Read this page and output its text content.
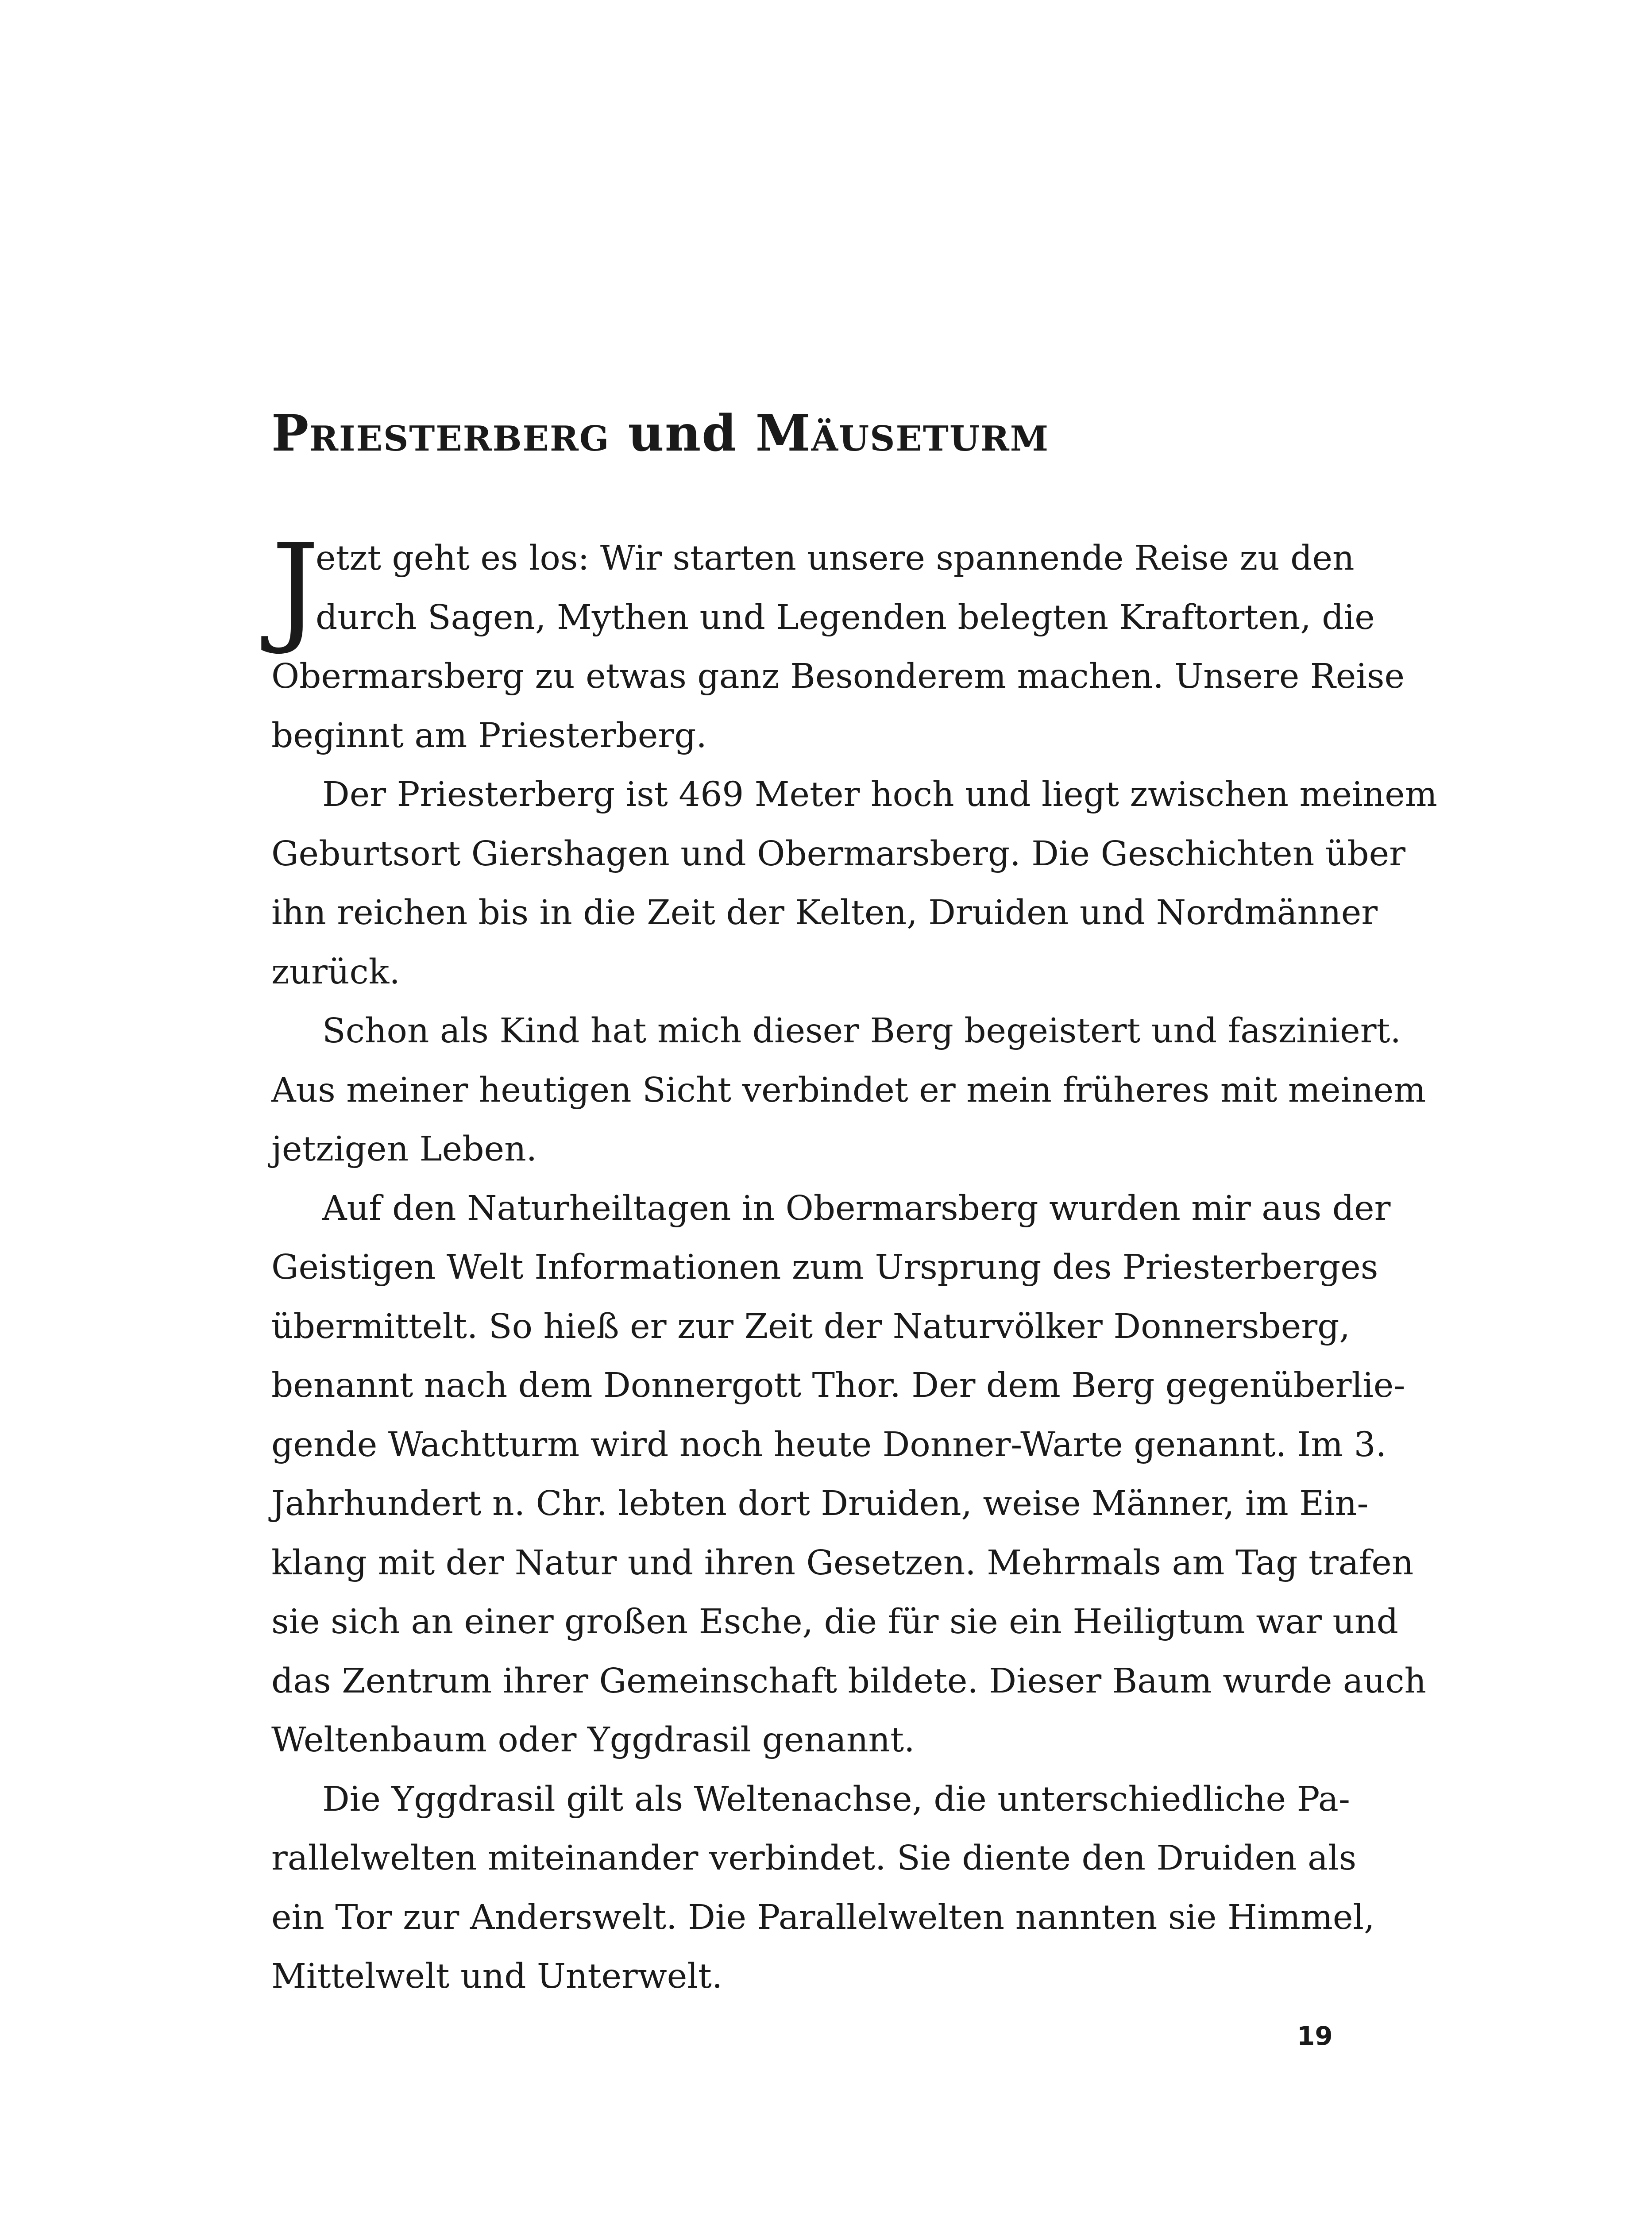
Priesterberg und Mäuseturm

J
etzt geht es los: Wir starten unsere spannende Reise zu den
durch Sagen, Mythen und Legenden belegten Kraftorten, die
Obermarsberg zu etwas ganz Besonderem machen. Unsere Reise
beginnt am Priesterberg.

Der Priesterberg ist 469 Meter hoch und liegt zwischen meinem
Geburtsort Giershagen und Obermarsberg. Die Geschichten über
ihn reichen bis in die Zeit der Kelten, Druiden und Nordmänner
zurück.

Schon als Kind hat mich dieser Berg begeistert und fasziniert.
Aus meiner heutigen Sicht verbindet er mein früheres mit meinem
jetzigen Leben.

Auf den Naturheiltagen in Obermarsberg wurden mir aus der
Geistigen Welt Informationen zum Ursprung des Priesterberges
übermittelt. So hieß er zur Zeit der Naturvölker Donnersberg,
benannt nach dem Donnergott Thor. Der dem Berg gegenüberlie-
gende Wachtturm wird noch heute Donner-Warte genannt. Im 3.
Jahrhundert n. Chr. lebten dort Druiden, weise Männer, im Ein-
klang mit der Natur und ihren Gesetzen. Mehrmals am Tag trafen
sie sich an einer großen Esche, die für sie ein Heiligtum war und
das Zentrum ihrer Gemeinschaft bildete. Dieser Baum wurde auch
Weltenbaum oder Yggdrasil genannt.

Die Yggdrasil gilt als Weltenachse, die unterschiedliche Pa-
rallelwelten miteinander verbindet. Sie diente den Druiden als
ein Tor zur Anderswelt. Die Parallelwelten nannten sie Himmel,
Mittelwelt und Unterwelt.

19
